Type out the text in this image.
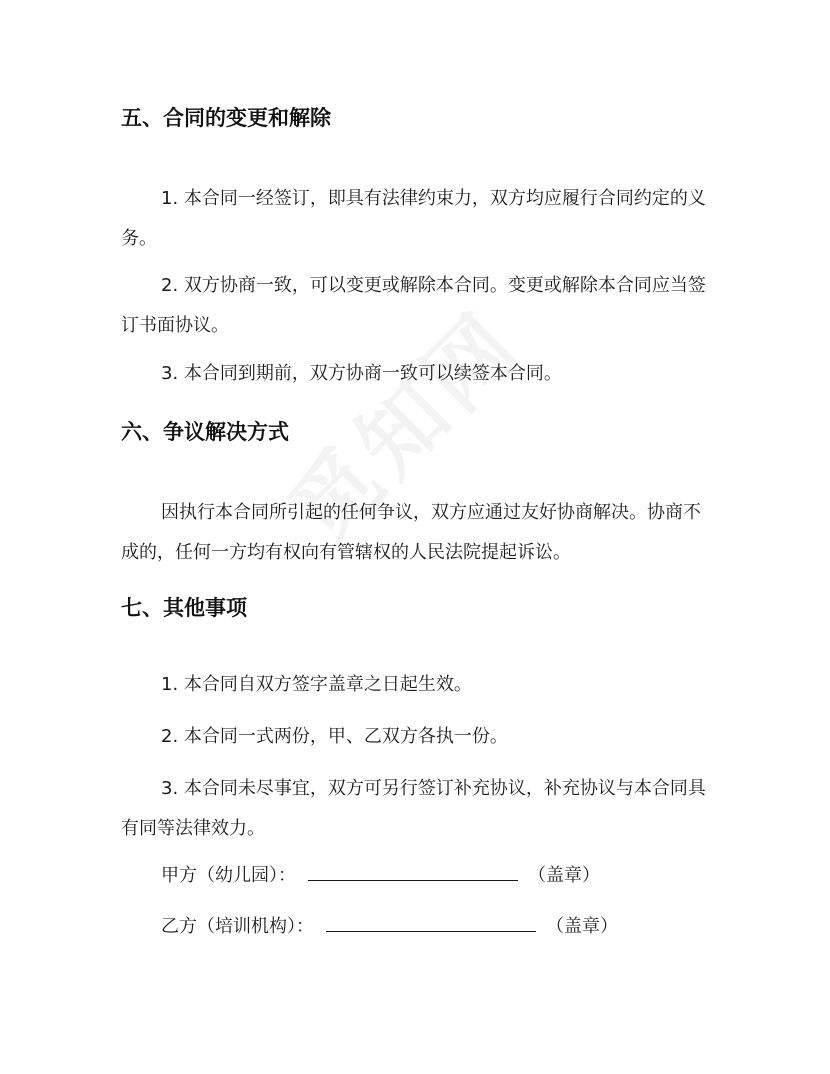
五、合同的变更和解除
1. 本合同一经签订，即具有法律约束力，双方均应履行合同约定的义务。
2. 双方协商一致，可以变更或解除本合同。变更或解除本合同应当签订书面协议。
3. 本合同到期前，双方协商一致可以续签本合同。
六、争议解决方式
因执行本合同所引起的任何争议，双方应通过友好协商解决。协商不成的，任何一方均有权向有管辖权的人民法院提起诉讼。
七、其他事项
1. 本合同自双方签字盖章之日起生效。
2. 本合同一式两份，甲、乙双方各执一份。
3. 本合同未尽事宜，双方可另行签订补充协议，补充协议与本合同具有同等法律效力。
甲方（幼儿园）：	（盖章）
乙方（培训机构）：	（盖章）
